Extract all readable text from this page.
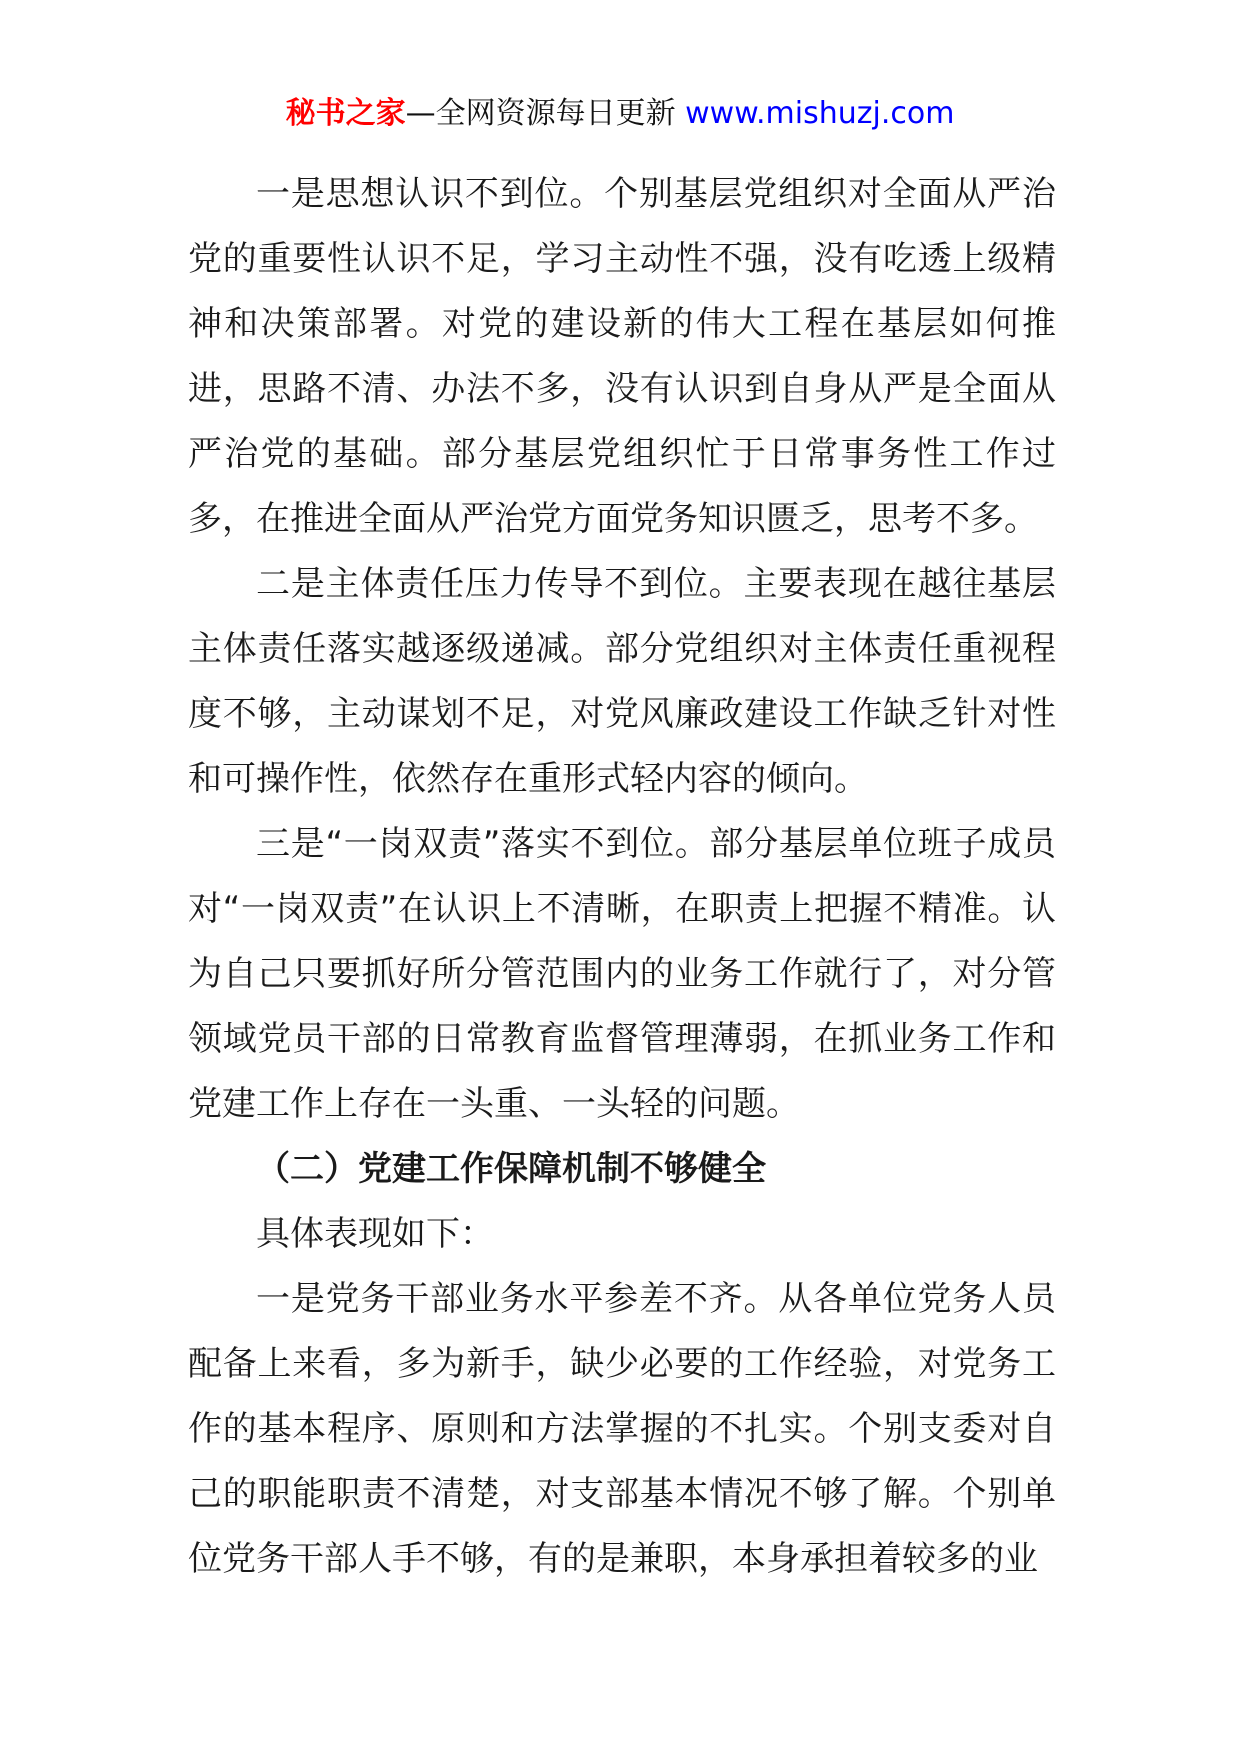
秘书之家—全网资源每日更新 www.mishuzj.com

一是思想认识不到位。个别基层党组织对全面从严治党的重要性认识不足，学习主动性不强，没有吃透上级精神和决策部署。对党的建设新的伟大工程在基层如何推进，思路不清、办法不多，没有认识到自身从严是全面从严治党的基础。部分基层党组织忙于日常事务性工作过多，在推进全面从严治党方面党务知识匮乏，思考不多。

二是主体责任压力传导不到位。主要表现在越往基层主体责任落实越逐级递减。部分党组织对主体责任重视程度不够，主动谋划不足，对党风廉政建设工作缺乏针对性和可操作性，依然存在重形式轻内容的倾向。

三是“一岗双责”落实不到位。部分基层单位班子成员对“一岗双责”在认识上不清晰，在职责上把握不精准。认为自己只要抓好所分管范围内的业务工作就行了，对分管领域党员干部的日常教育监督管理薄弱，在抓业务工作和党建工作上存在一头重、一头轻的问题。

（二）党建工作保障机制不够健全

具体表现如下：

一是党务干部业务水平参差不齐。从各单位党务人员配备上来看，多为新手，缺少必要的工作经验，对党务工作的基本程序、原则和方法掌握的不扎实。个别支委对自己的职能职责不清楚，对支部基本情况不够了解。个别单位党务干部人手不够，有的是兼职，本身承担着较多的业
